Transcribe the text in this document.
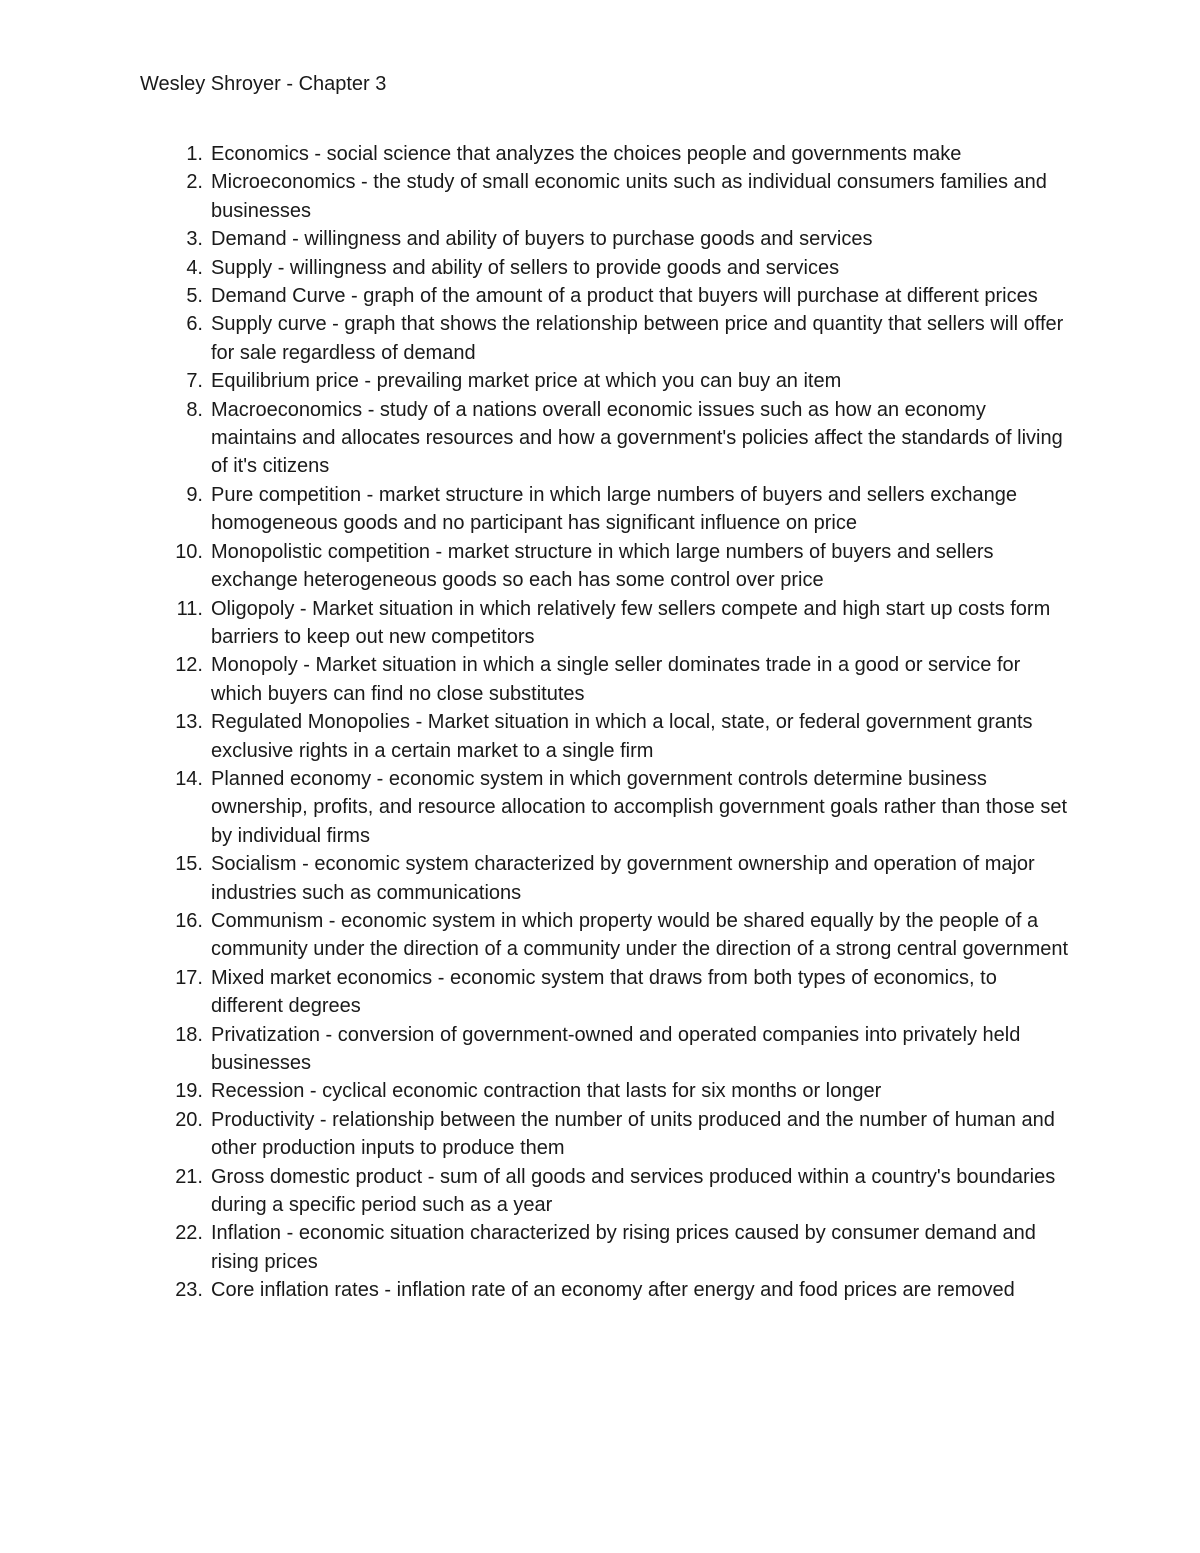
Wesley Shroyer - Chapter 3
1. Economics - social science that analyzes the choices people and governments make
2. Microeconomics - the study of small economic units such as individual consumers families and businesses
3. Demand - willingness and ability of buyers to purchase goods and services
4. Supply - willingness and ability of sellers to provide goods and services
5. Demand Curve - graph of the amount of a product that buyers will purchase at different prices
6. Supply curve - graph that shows the relationship between price and quantity that sellers will offer for sale regardless of demand
7. Equilibrium price - prevailing market price at which you can buy an item
8. Macroeconomics - study of a nations overall economic issues such as how an economy maintains and allocates resources and how a government's policies affect the standards of living of it's citizens
9. Pure competition - market structure in which large numbers of buyers and sellers exchange homogeneous goods and no participant has significant influence on price
10. Monopolistic competition - market structure in which large numbers of buyers and sellers exchange heterogeneous goods so each has some control over price
11. Oligopoly - Market situation in which relatively few sellers compete and high start up costs form barriers to keep out new competitors
12. Monopoly - Market situation in which a single seller dominates trade in a good or service for which buyers can find no close substitutes
13. Regulated Monopolies - Market situation in which a local, state, or federal government grants exclusive rights in a certain market to a single firm
14. Planned economy - economic system in which government controls determine business ownership, profits, and resource allocation to accomplish government goals rather than those set by individual firms
15. Socialism - economic system characterized by government ownership and operation of major industries such as communications
16. Communism - economic system in which property would be shared equally by the people of a community under the direction of a community under the direction of a strong central government
17. Mixed market economics - economic system that draws from both types of economics, to different degrees
18. Privatization - conversion of government-owned and operated companies into privately held businesses
19. Recession - cyclical economic contraction that lasts for six months or longer
20. Productivity - relationship between the number of units produced and the number of human and other production inputs to produce them
21. Gross domestic product - sum of all goods and services produced within a country's boundaries during a specific period such as a year
22. Inflation - economic situation characterized by rising prices caused by consumer demand and rising prices
23. Core inflation rates - inflation rate of an economy after energy and food prices are removed
